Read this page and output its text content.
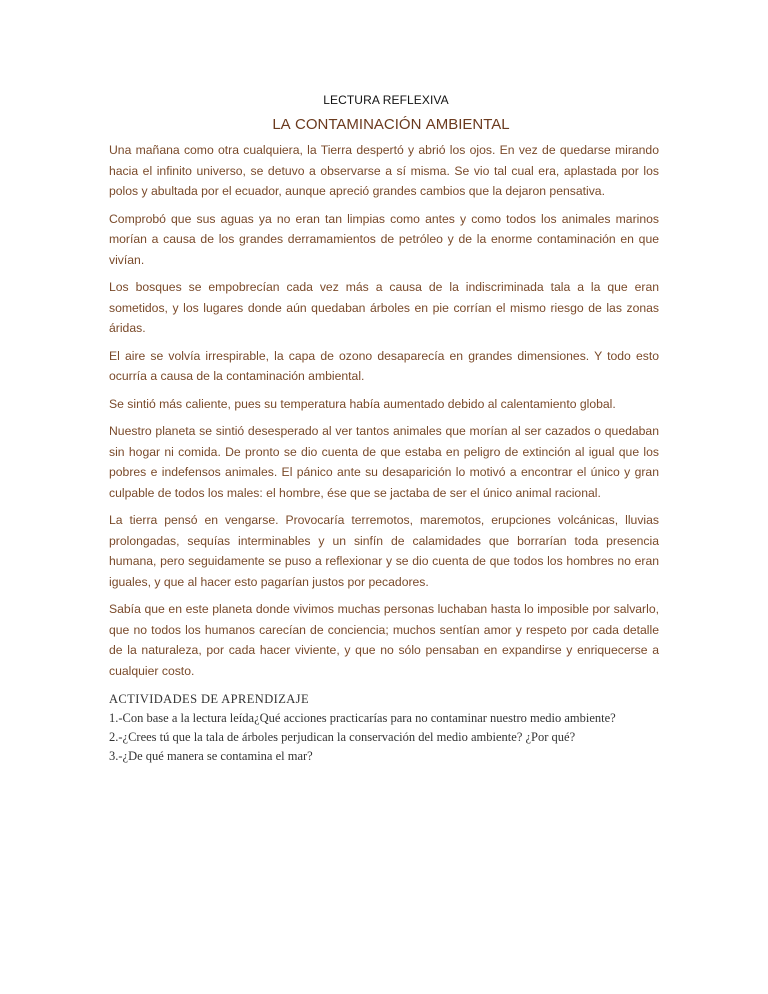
LECTURA REFLEXIVA
LA CONTAMINACIÓN AMBIENTAL

Una mañana como otra cualquiera, la Tierra despertó y abrió los ojos. En vez de quedarse mirando hacia el infinito universo, se detuvo a observarse a sí misma. Se vio tal cual era, aplastada por los polos y abultada por el ecuador, aunque apreció grandes cambios que la dejaron pensativa.

Comprobó que sus aguas ya no eran tan limpias como antes y como todos los animales marinos morían a causa de los grandes derramamientos de petróleo y de la enorme contaminación en que vivían.

Los bosques se empobrecían cada vez más a causa de la indiscriminada tala a la que eran sometidos, y los lugares donde aún quedaban árboles en pie corrían el mismo riesgo de las zonas áridas.

El aire se volvía irrespirable, la capa de ozono desaparecía en grandes dimensiones. Y todo esto ocurría a causa de la contaminación ambiental.

Se sintió más caliente, pues su temperatura había aumentado debido al calentamiento global.

Nuestro planeta se sintió desesperado al ver tantos animales que morían al ser cazados o quedaban sin hogar ni comida. De pronto se dio cuenta de que estaba en peligro de extinción al igual que los pobres e indefensos animales. El pánico ante su desaparición lo motivó a encontrar el único y gran culpable de todos los males: el hombre, ése que se jactaba de ser el único animal racional.

La tierra pensó en vengarse. Provocaría terremotos, maremotos, erupciones volcánicas, lluvias prolongadas, sequías interminables y un sinfín de calamidades que borrarían toda presencia humana, pero seguidamente se puso a reflexionar y se dio cuenta de que todos los hombres no eran iguales, y que al hacer esto pagarían justos por pecadores.

Sabía que en este planeta donde vivimos muchas personas luchaban hasta lo imposible por salvarlo, que no todos los humanos carecían de conciencia; muchos sentían amor y respeto por cada detalle de la naturaleza, por cada hacer viviente, y que no sólo pensaban en expandirse y enriquecerse a cualquier costo.

ACTIVIDADES DE APRENDIZAJE
1.-Con base a la lectura leída¿Qué acciones practicarías para no contaminar nuestro medio ambiente?
2.-¿Crees tú que la tala de árboles perjudican la conservación del medio ambiente? ¿Por qué?
3.-¿De qué manera se contamina el mar?
